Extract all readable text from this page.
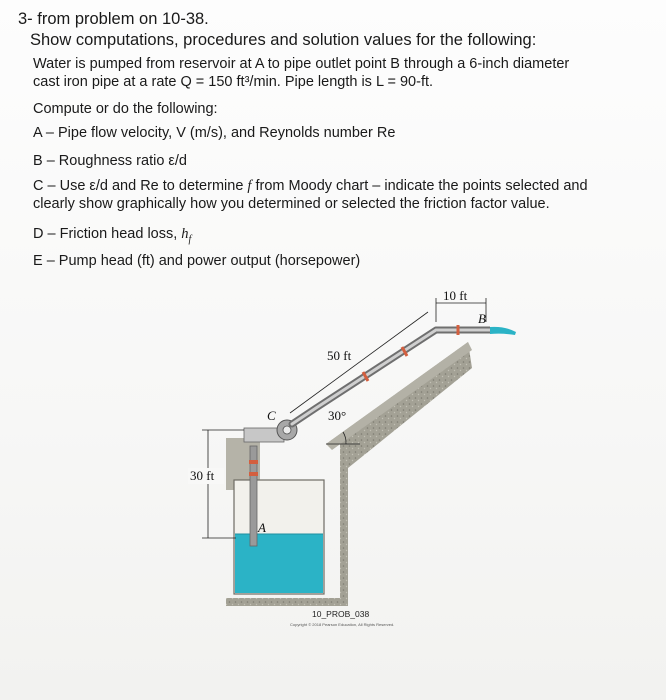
3- from problem on 10-38.
Show computations, procedures and solution values for the following:
Water is pumped from reservoir at A to pipe outlet point B through a 6-inch diameter
cast iron pipe at a rate Q = 150 ft³/min. Pipe length is L = 90-ft.
Compute or do the following:
A – Pipe flow velocity, V (m/s), and Reynolds number Re
B – Roughness ratio ε/d
C – Use ε/d and Re to determine f from Moody chart – indicate the points selected and
clearly show graphically how you determined or selected the friction factor value.
D – Friction head loss, $h_f$
E – Pump head (ft) and power output (horsepower)
A
C
B
10 ft
50 ft
30°
30 ft
10_PROB_038
Copyright © 2018 Pearson Education, All Rights Reserved.
